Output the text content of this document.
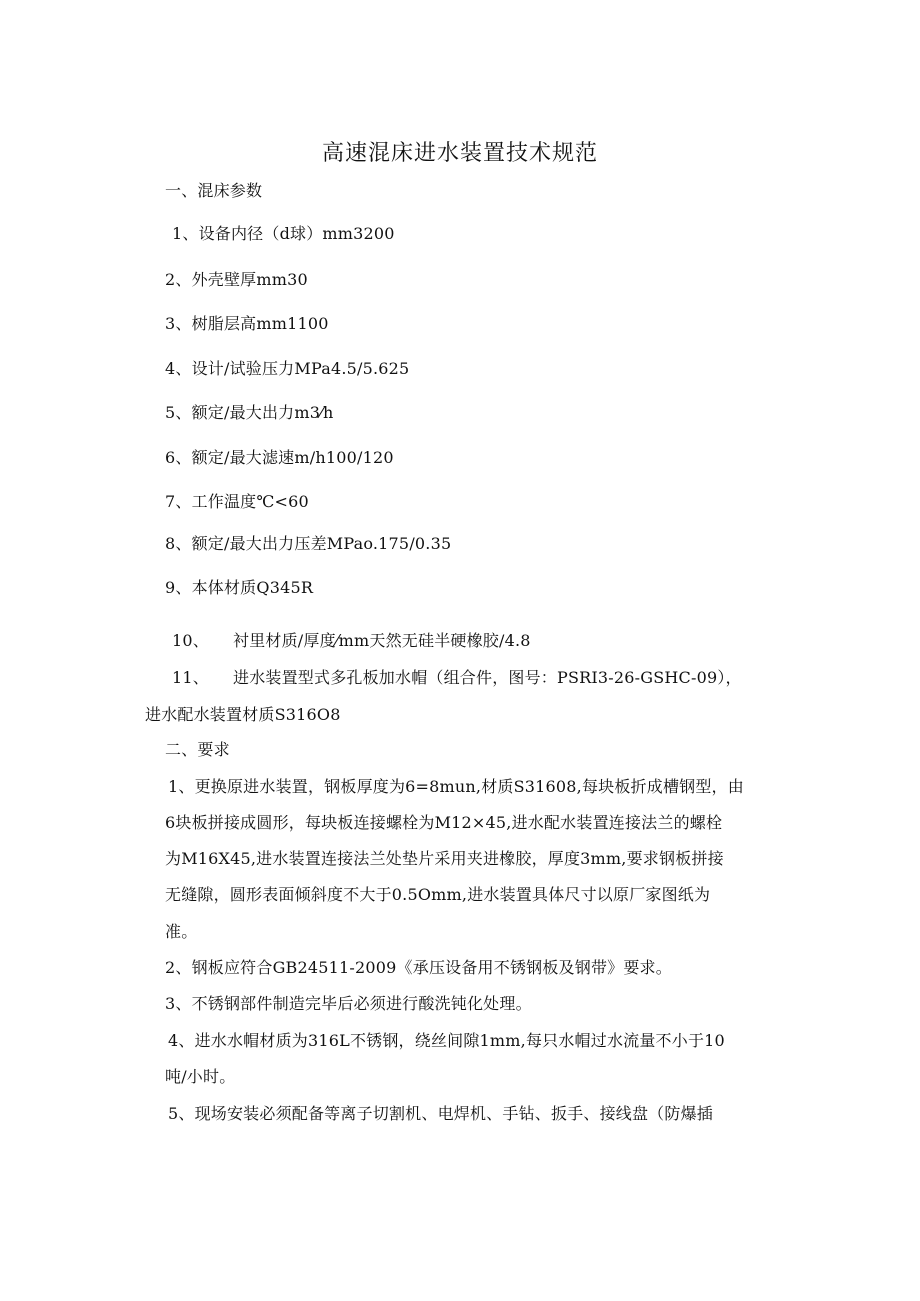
高速混床进水装置技术规范
一、混床参数
1、设备内径（d球）mm3200
2、外壳壁厚mm30
3、树脂层高mm1100
4、设计/试验压力MPa4.5/5.625
5、额定/最大出力m3⁄h
6、额定/最大滤速m/h100/120
7、工作温度℃<60
8、额定/最大出力压差MPao.175/0.35
9、本体材质Q345R
10、 衬里材质/厚度⁄mm天然无硅半硬橡胶/4.8
11、 进水装置型式多孔板加水帽（组合件，图号：PSRI3-26-GSHC-09），
进水配水装置材质S316O8
二、要求
1、更换原进水装置，钢板厚度为6=8mun,材质S31608,每块板折成槽钢型，由
6块板拼接成圆形，每块板连接螺栓为M12×45,进水配水装置连接法兰的螺栓
为M16X45,进水装置连接法兰处垫片采用夹进橡胶，厚度3mm,要求钢板拼接
无缝隙，圆形表面倾斜度不大于0.5Omm,进水装置具体尺寸以原厂家图纸为
准。
2、钢板应符合GB24511-2009《承压设备用不锈钢板及钢带》要求。
3、不锈钢部件制造完毕后必须进行酸洗钝化处理。
4、进水水帽材质为316L不锈钢，绕丝间隙1mm,每只水帽过水流量不小于10
吨/小时。
5、现场安装必须配备等离子切割机、电焊机、手钻、扳手、接线盘（防爆插
